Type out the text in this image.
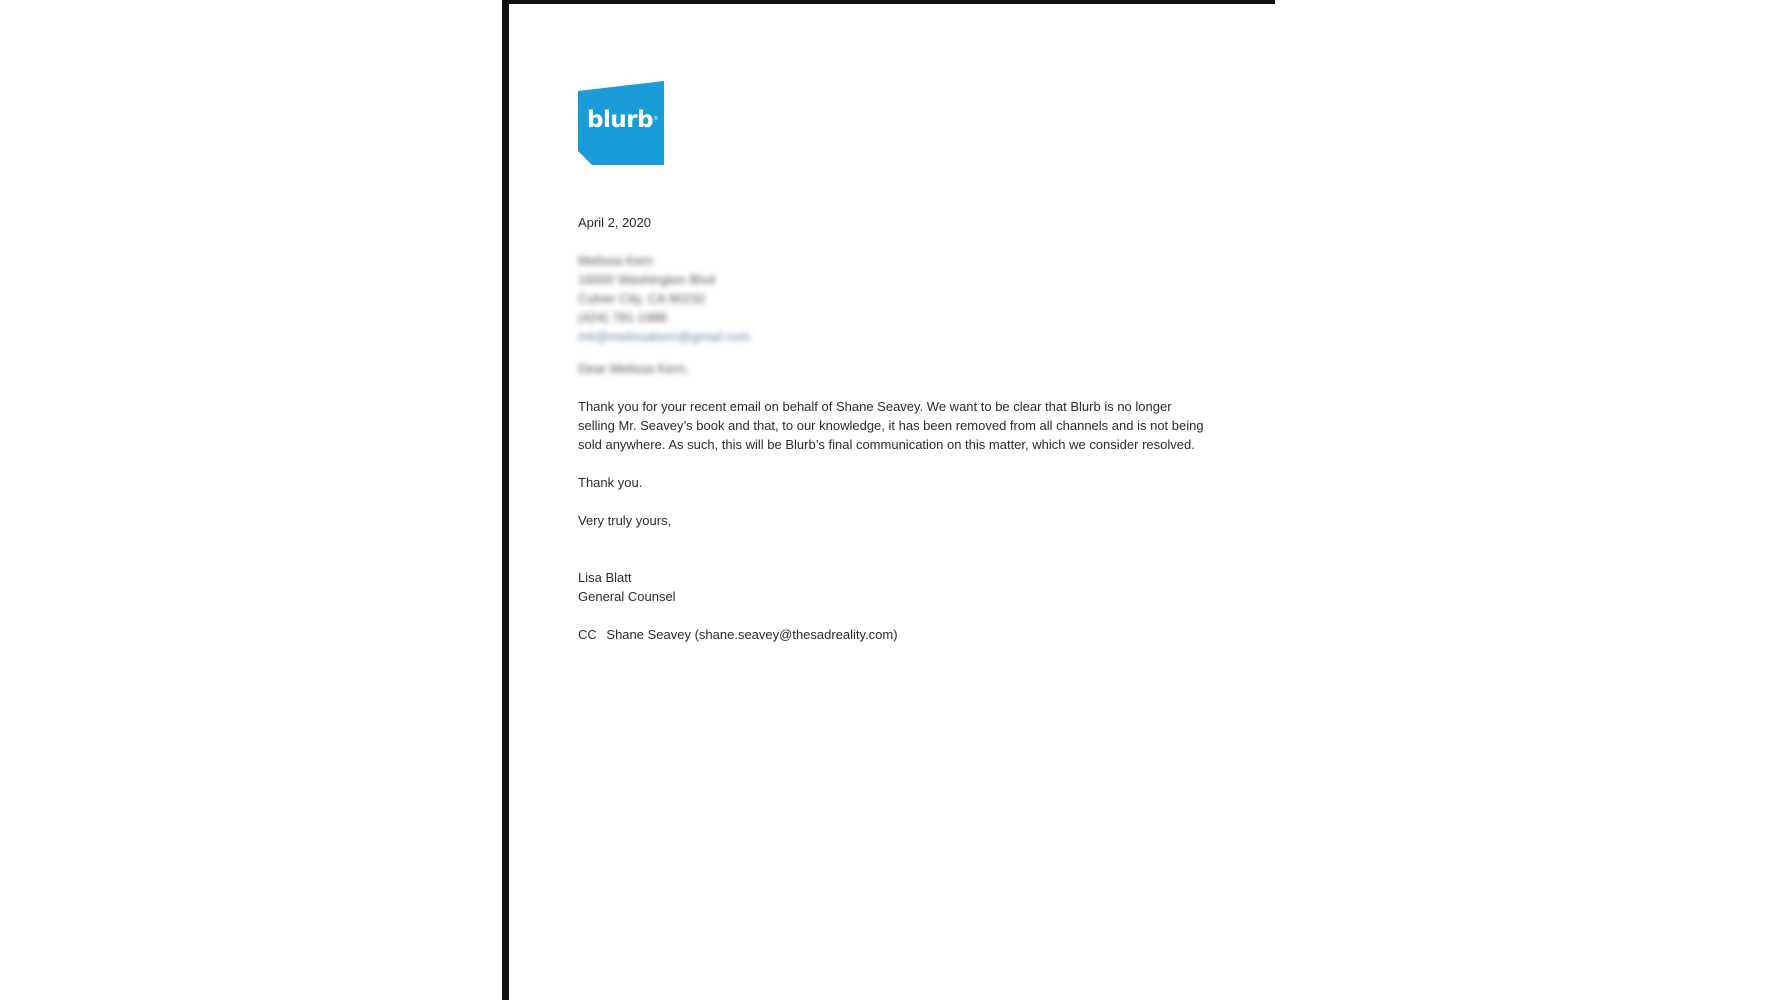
blurb ®

April 2, 2020

Melissa Kern
16000 Washington Blvd
Culver City, CA 90232
(424) 781-1988
mk@melissakern@gmail.com

Dear Melissa Kern,

Thank you for your recent email on behalf of Shane Seavey. We want to be clear that Blurb is no longer selling Mr. Seavey’s book and that, to our knowledge, it has been removed from all channels and is not being sold anywhere. As such, this will be Blurb’s final communication on this matter, which we consider resolved.

Thank you.

Very truly yours,

Lisa Blatt

General Counsel

CC Shane Seavey (shane.seavey@thesadreality.com)
